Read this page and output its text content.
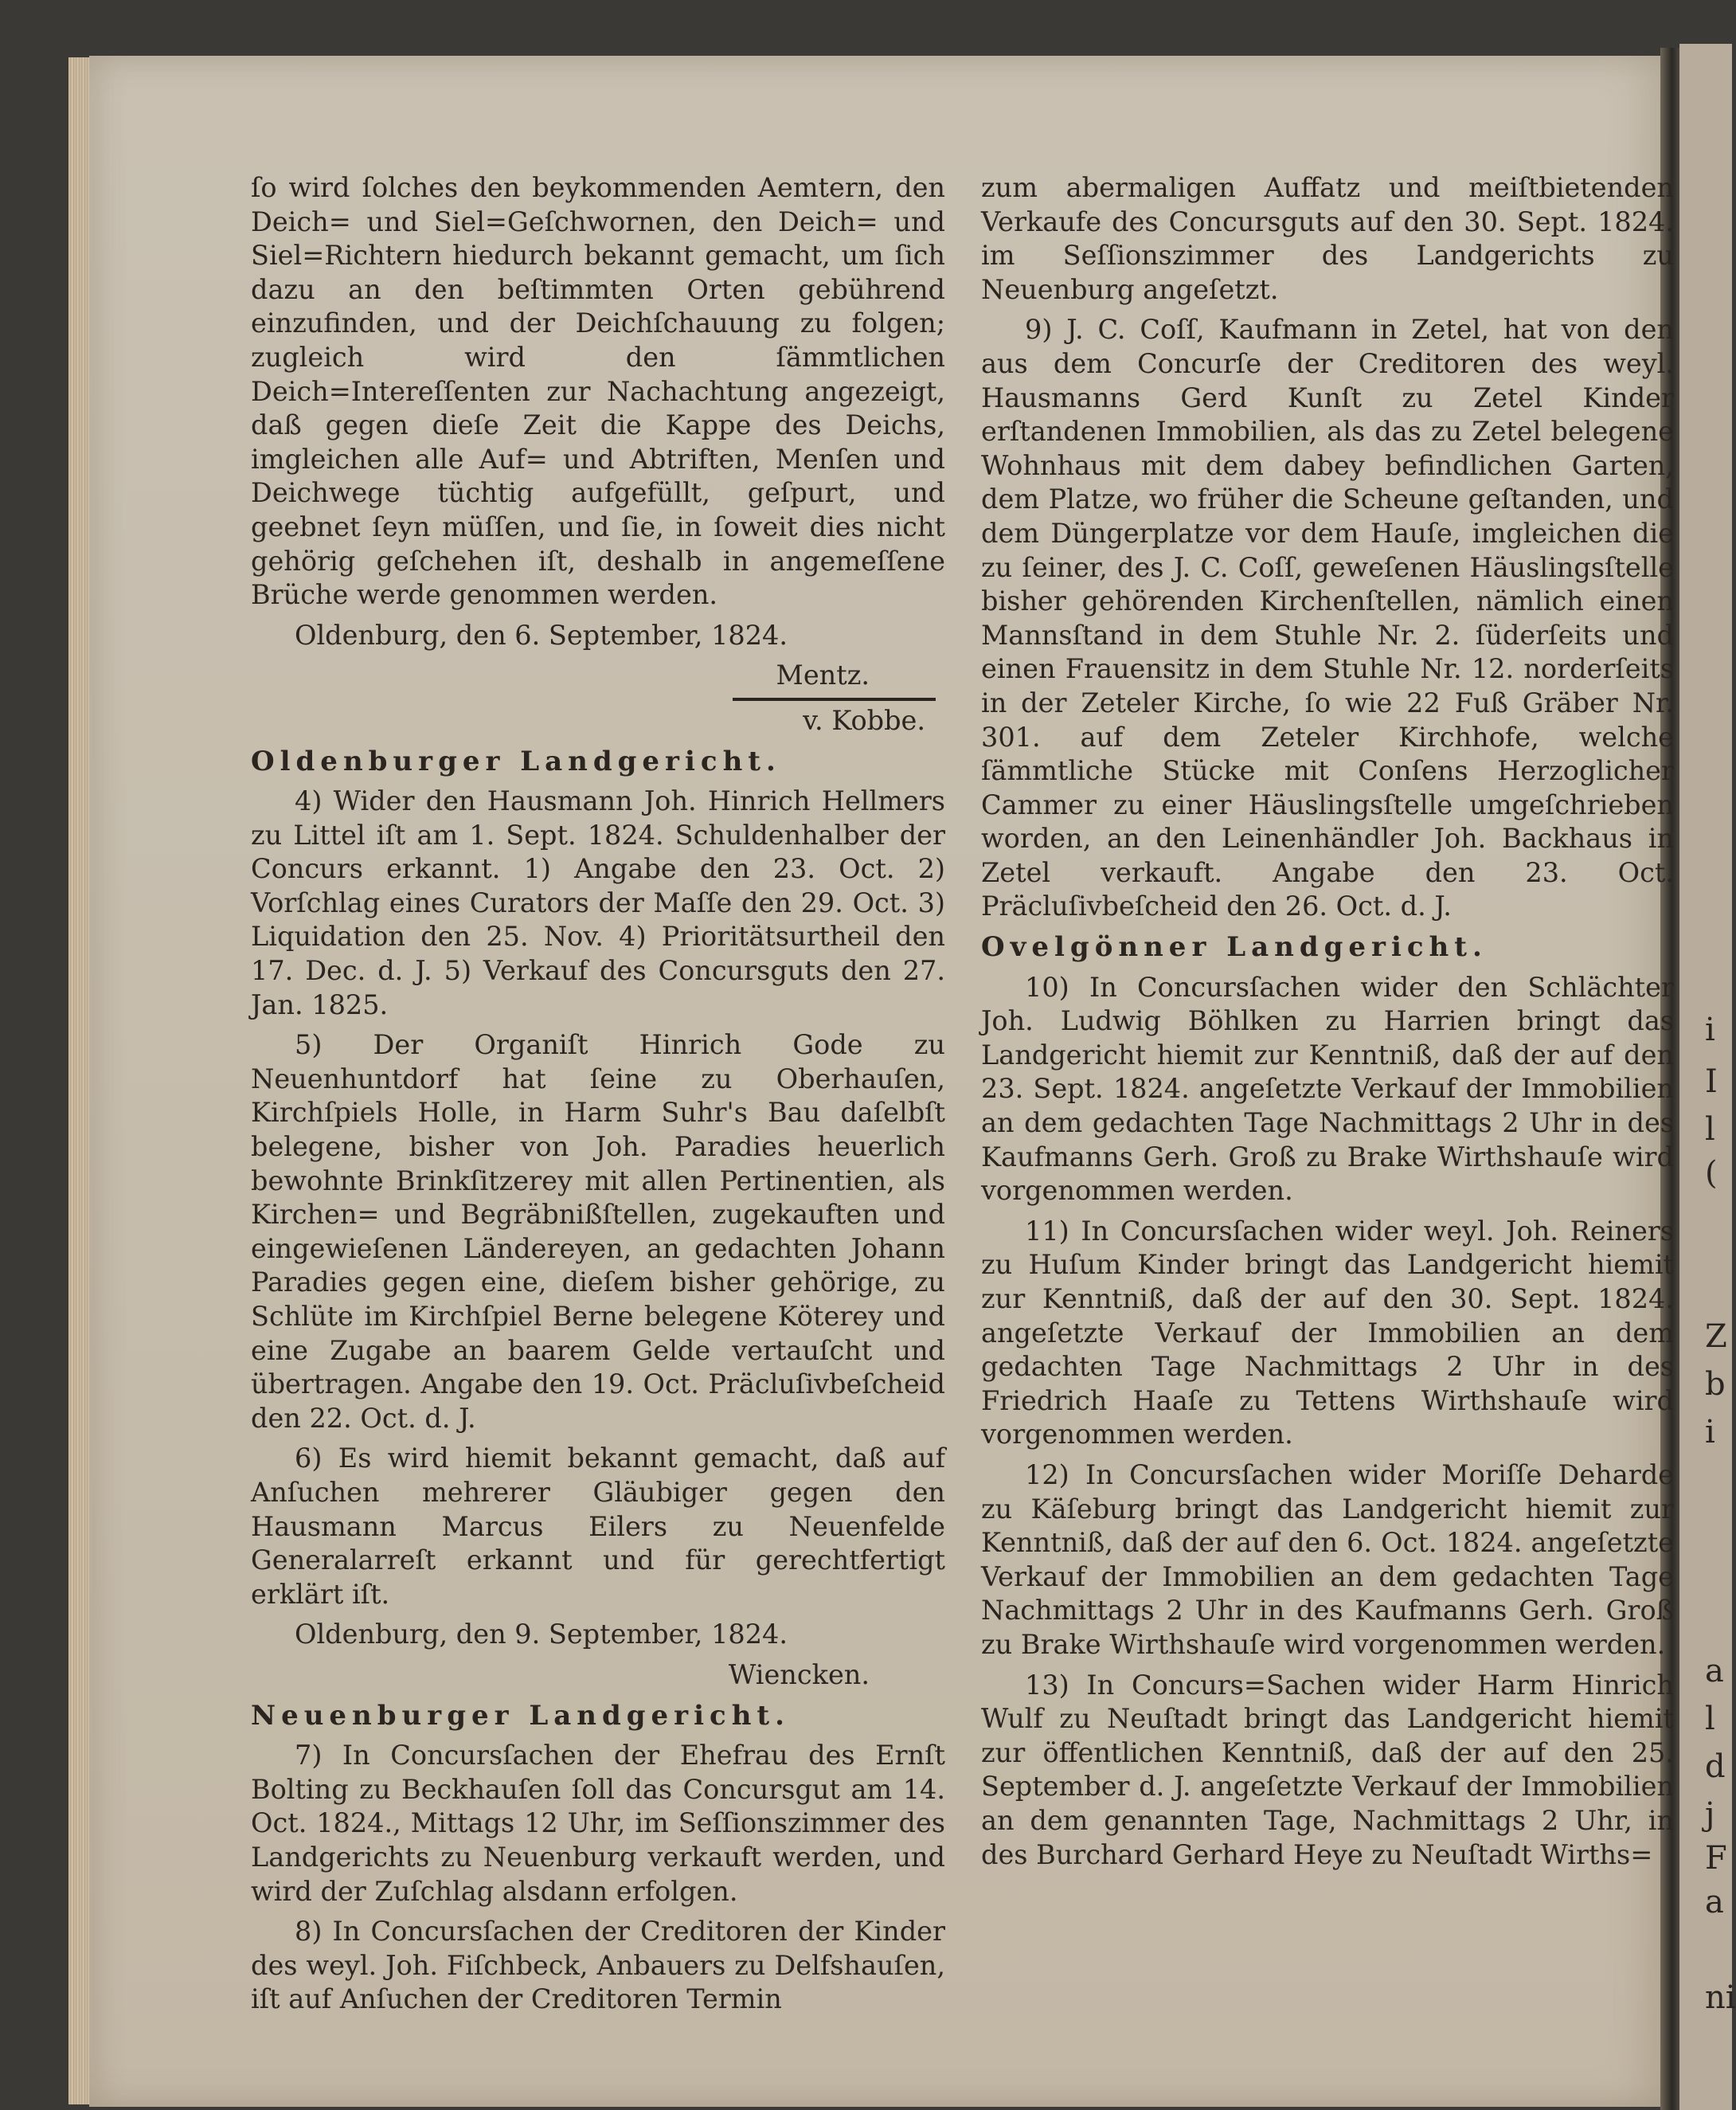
i
I
l
(
Z
b
i
a
l
d
j
F
a
ni

ſo wird ſolches den beykommenden Aemtern, den Deich= und Siel=Geſchwornen, den Deich= und Siel=Richtern hiedurch bekannt gemacht, um ſich dazu an den beſtimmten Orten gebührend einzufinden, und der Deichſchauung zu folgen; zugleich wird den ſämmtlichen Deich=Intereſſenten zur Nachachtung angezeigt, daß gegen dieſe Zeit die Kappe des Deichs, imgleichen alle Auf= und Abtriften, Menſen und Deichwege tüchtig aufgefüllt, geſpurt, und geebnet ſeyn müſſen, und ſie, in ſoweit dies nicht gehörig geſchehen iſt, deshalb in angemeſſene Brüche werde genommen werden.

Oldenburg, den 6. September, 1824.

Mentz.

v. Kobbe.

Oldenburger Landgericht.

4) Wider den Hausmann Joh. Hinrich Hellmers zu Littel iſt am 1. Sept. 1824. Schuldenhalber der Concurs erkannt. 1) Angabe den 23. Oct. 2) Vorſchlag eines Curators der Maſſe den 29. Oct. 3) Liquidation den 25. Nov. 4) Prioritätsurtheil den 17. Dec. d. J. 5) Verkauf des Concursguts den 27. Jan. 1825.

5) Der Organiſt Hinrich Gode zu Neuenhuntdorf hat ſeine zu Oberhauſen, Kirchſpiels Holle, in Harm Suhr's Bau daſelbſt belegene, bisher von Joh. Paradies heuerlich bewohnte Brinkſitzerey mit allen Pertinentien, als Kirchen= und Begräbnißſtellen, zugekauften und eingewieſenen Ländereyen, an gedachten Johann Paradies gegen eine, dieſem bisher gehörige, zu Schlüte im Kirchſpiel Berne belegene Köterey und eine Zugabe an baarem Gelde vertauſcht und übertragen. Angabe den 19. Oct. Präcluſivbeſcheid den 22. Oct. d. J.

6) Es wird hiemit bekannt gemacht, daß auf Anſuchen mehrerer Gläubiger gegen den Hausmann Marcus Eilers zu Neuenfelde Generalarreſt erkannt und für gerechtfertigt erklärt iſt.

Oldenburg, den 9. September, 1824.

Wiencken.

Neuenburger Landgericht.

7) In Concursſachen der Ehefrau des Ernſt Bolting zu Beckhauſen ſoll das Concursgut am 14. Oct. 1824., Mittags 12 Uhr, im Seſſionszimmer des Landgerichts zu Neuenburg verkauft werden, und wird der Zuſchlag alsdann erfolgen.

8) In Concursſachen der Creditoren der Kinder des weyl. Joh. Fiſchbeck, Anbauers zu Delfshauſen, iſt auf Anſuchen der Creditoren Termin

zum abermaligen Auffatz und meiſtbietenden Verkaufe des Concursguts auf den 30. Sept. 1824. im Seſſionszimmer des Landgerichts zu Neuenburg angeſetzt.

9) J. C. Coſſ, Kaufmann in Zetel, hat von den aus dem Concurſe der Creditoren des weyl. Hausmanns Gerd Kunſt zu Zetel Kinder erſtandenen Immobilien, als das zu Zetel belegene Wohnhaus mit dem dabey befindlichen Garten, dem Platze, wo früher die Scheune geſtanden, und dem Düngerplatze vor dem Hauſe, imgleichen die zu ſeiner, des J. C. Coſſ, geweſenen Häuslingsſtelle bisher gehörenden Kirchenſtellen, nämlich einen Mannsſtand in dem Stuhle Nr. 2. ſüderſeits und einen Frauensitz in dem Stuhle Nr. 12. norderſeits in der Zeteler Kirche, ſo wie 22 Fuß Gräber Nr. 301. auf dem Zeteler Kirchhofe, welche ſämmtliche Stücke mit Conſens Herzoglicher Cammer zu einer Häuslingsſtelle umgeſchrieben worden, an den Leinenhändler Joh. Backhaus in Zetel verkauft. Angabe den 23. Oct. Präcluſivbeſcheid den 26. Oct. d. J.

Ovelgönner Landgericht.

10) In Concursſachen wider den Schlächter Joh. Ludwig Böhlken zu Harrien bringt das Landgericht hiemit zur Kenntniß, daß der auf den 23. Sept. 1824. angeſetzte Verkauf der Immobilien an dem gedachten Tage Nachmittags 2 Uhr in des Kaufmanns Gerh. Groß zu Brake Wirthshauſe wird vorgenommen werden.

11) In Concursſachen wider weyl. Joh. Reiners zu Huſum Kinder bringt das Landgericht hiemit zur Kenntniß, daß der auf den 30. Sept. 1824. angeſetzte Verkauf der Immobilien an dem gedachten Tage Nachmittags 2 Uhr in des Friedrich Haaſe zu Tettens Wirthshauſe wird vorgenommen werden.

12) In Concursſachen wider Moriſſe Deharde zu Käſeburg bringt das Landgericht hiemit zur Kenntniß, daß der auf den 6. Oct. 1824. angeſetzte Verkauf der Immobilien an dem gedachten Tage Nachmittags 2 Uhr in des Kaufmanns Gerh. Groß zu Brake Wirthshauſe wird vorgenommen werden.

13) In Concurs=Sachen wider Harm Hinrich Wulf zu Neuſtadt bringt das Landgericht hiemit zur öffentlichen Kenntniß, daß der auf den 25. September d. J. angeſetzte Verkauf der Immobilien an dem genannten Tage, Nachmittags 2 Uhr, in des Burchard Gerhard Heye zu Neuſtadt Wirths=
